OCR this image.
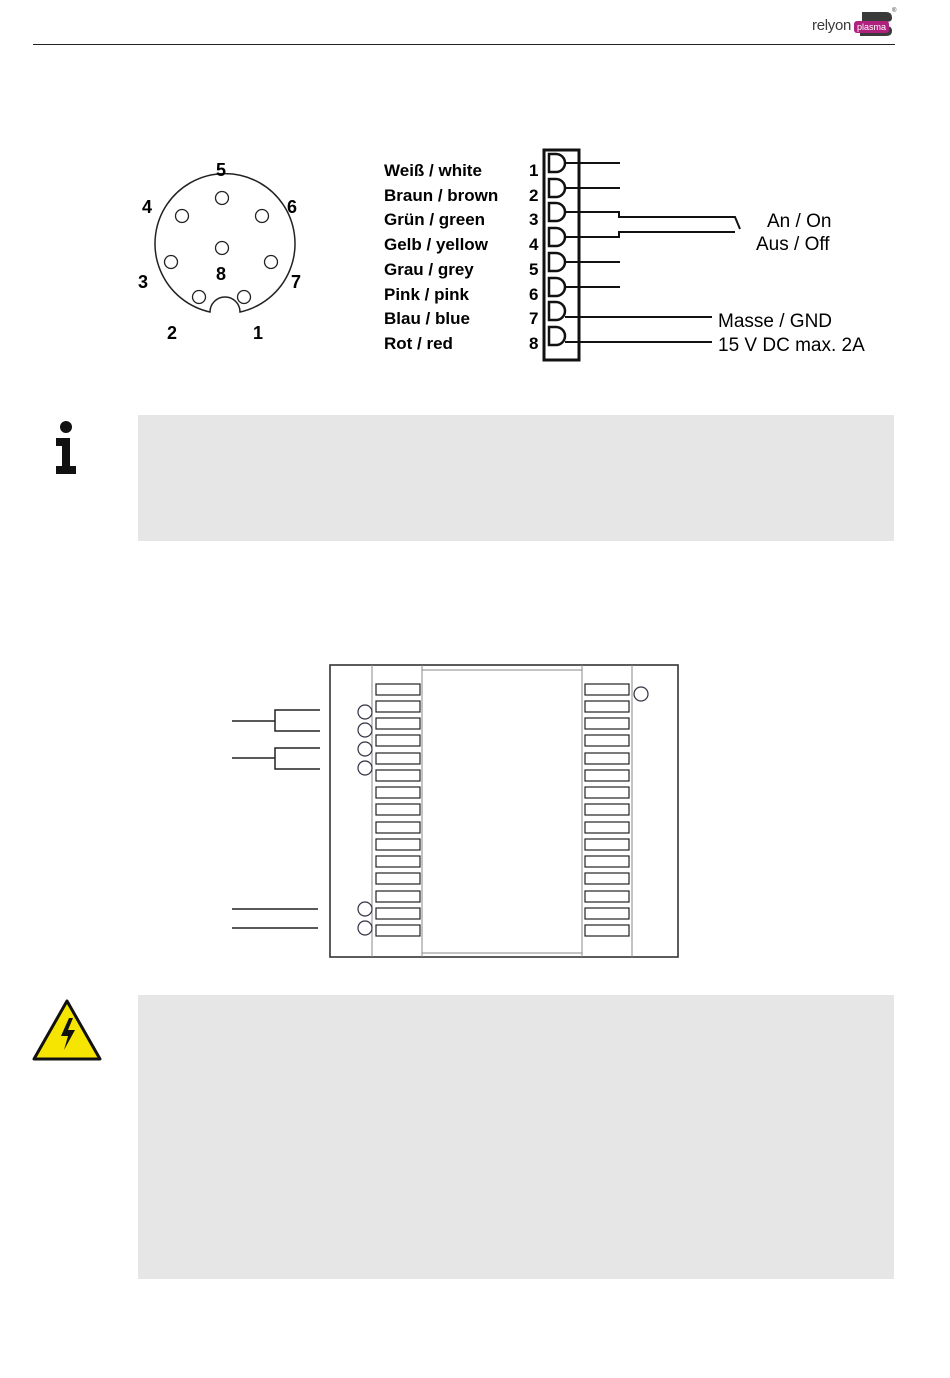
relyon plasma
®
5
4	6
8
3	7
2	1
Weiß / white	1
Braun / brown 2
Grün / green	3
Gelb / yellow 4
Grau / grey	5
Pink / pink	6
Blau / blue	7
Rot / red	8
An / On
Aus / Off
Masse / GND
15 V DC max. 2A
